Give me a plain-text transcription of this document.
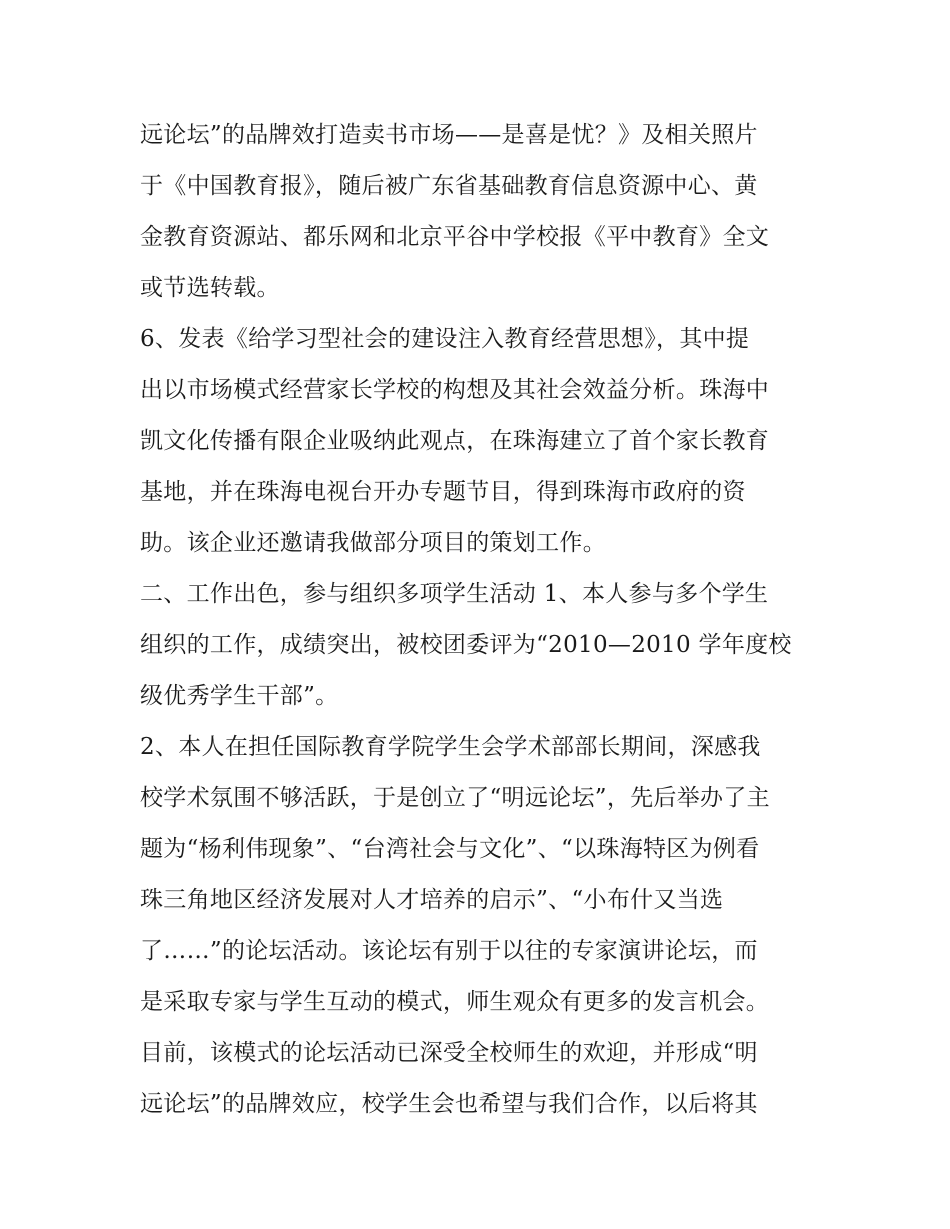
远论坛”的品牌效打造卖书市场——是喜是忧？》及相关照片
于《中国教育报》，随后被广东省基础教育信息资源中心、黄
金教育资源站、都乐网和北京平谷中学校报《平中教育》全文
或节选转载。
6、发表《给学习型社会的建设注入教育经营思想》，其中提
出以市场模式经营家长学校的构想及其社会效益分析。珠海中
凯文化传播有限企业吸纳此观点，在珠海建立了首个家长教育
基地，并在珠海电视台开办专题节目，得到珠海市政府的资
助。该企业还邀请我做部分项目的策划工作。
二、工作出色，参与组织多项学生活动 1、本人参与多个学生
组织的工作，成绩突出，被校团委评为“2010—2010 学年度校
级优秀学生干部”。
2、本人在担任国际教育学院学生会学术部部长期间，深感我
校学术氛围不够活跃，于是创立了“明远论坛”，先后举办了主
题为“杨利伟现象”、“台湾社会与文化”、“以珠海特区为例看
珠三角地区经济发展对人才培养的启示”、“小布什又当选
了……”的论坛活动。该论坛有别于以往的专家演讲论坛，而
是采取专家与学生互动的模式，师生观众有更多的发言机会。
目前，该模式的论坛活动已深受全校师生的欢迎，并形成“明
远论坛”的品牌效应，校学生会也希望与我们合作，以后将其
